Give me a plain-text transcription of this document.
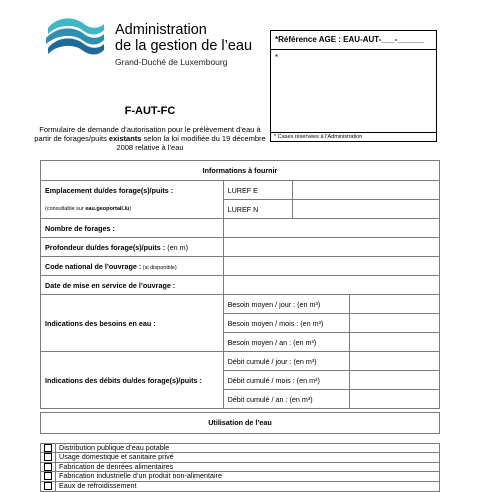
Administration
de la gestion de l’eau
Grand-Duché de Luxembourg
*Référence AGE : EAU-AUT-___-______
*
* Cases réservées à l’Administration
F-AUT-FC
Formulaire de demande d’autorisation pour le prélèvement d’eau à partir de forages/puits existants selon la loi modifiée du 19 décembre 2008 relative à l’eau
Informations à fournir			
Emplacement du/des forage(s)/puits :	LUREF E		
(consultable sur eau.geoportail.lu)	LUREF N		
Nombre de forages :			
Profondeur du/des forage(s)/puits : (en m)			
Code national de l’ouvrage : (si disponible)			
Date de mise en service de l’ouvrage :			
Indications des besoins en eau :	Besoin moyen / jour : (en m³)		
	Besoin moyen / mois : (en m³)		
	Besoin moyen / an : (en m³)		
Indications des débits du/des forage(s)/puits :	Débit cumulé / jour : (en m³)		
	Débit cumulé / mois : (en m³)		
	Débit cumulé / an : (en m³)		
Utilisation de l’eau	

	Distribution publique d’eau potable
	Usage domestique et sanitaire privé
	Fabrication de denrées alimentaires
	Fabrication industrielle d’un produit non-alimentaire
	Eaux de refroidissement
